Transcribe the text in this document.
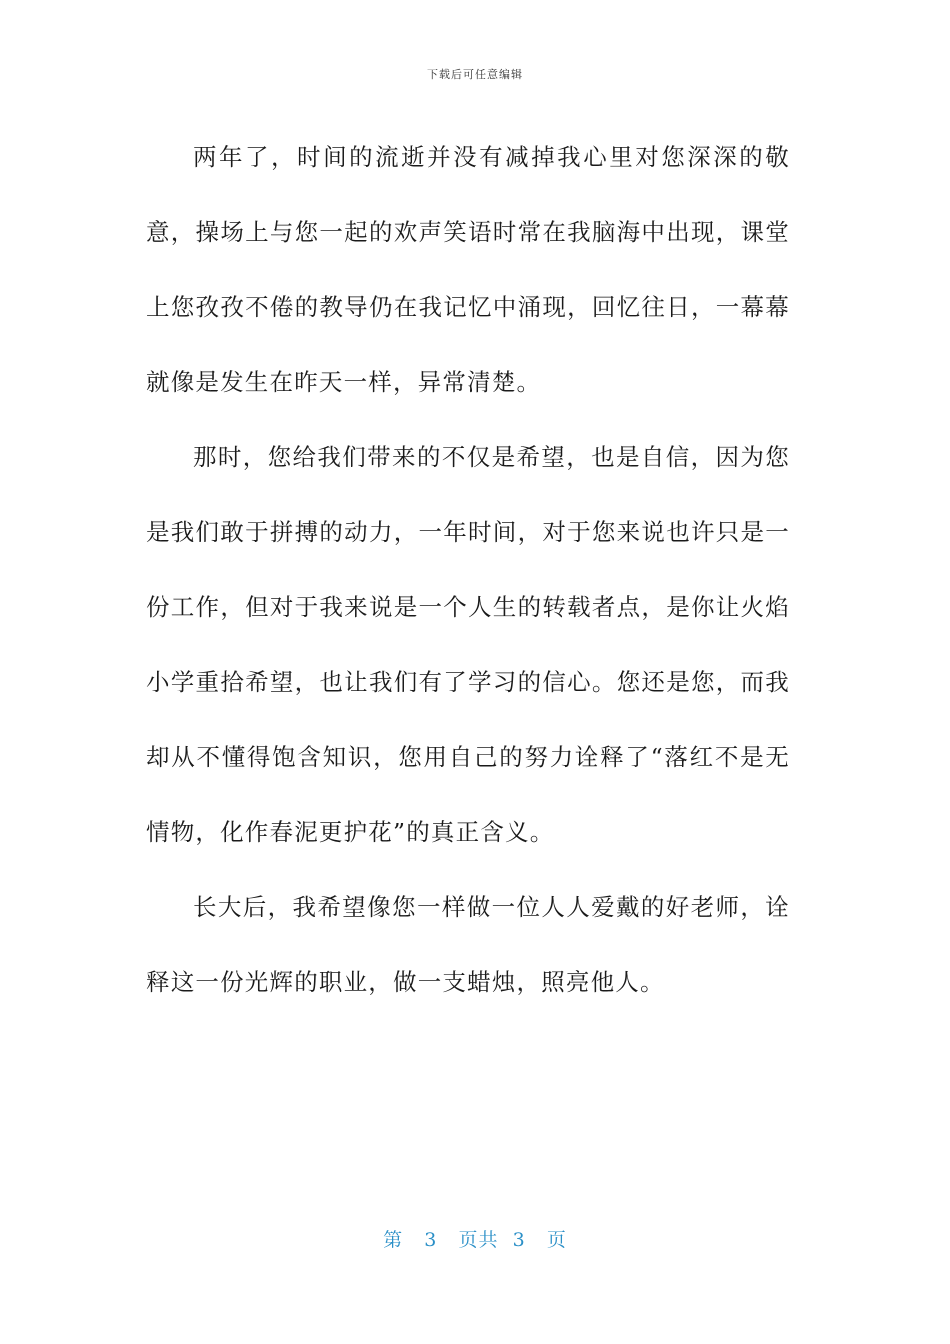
下载后可任意编辑

两年了，时间的流逝并没有减掉我心里对您深深的敬意，操场上与您一起的欢声笑语时常在我脑海中出现，课堂上您孜孜不倦的教导仍在我记忆中涌现，回忆往日，一幕幕就像是发生在昨天一样，异常清楚。

那时，您给我们带来的不仅是希望，也是自信，因为您是我们敢于拼搏的动力，一年时间，对于您来说也许只是一份工作，但对于我来说是一个人生的转载者点，是你让火焰小学重拾希望，也让我们有了学习的信心。您还是您，而我却从不懂得饱含知识，您用自己的努力诠释了“落红不是无情物，化作春泥更护花”的真正含义。

长大后，我希望像您一样做一位人人爱戴的好老师，诠释这一份光辉的职业，做一支蜡烛，照亮他人。

第 3 页共 3 页
